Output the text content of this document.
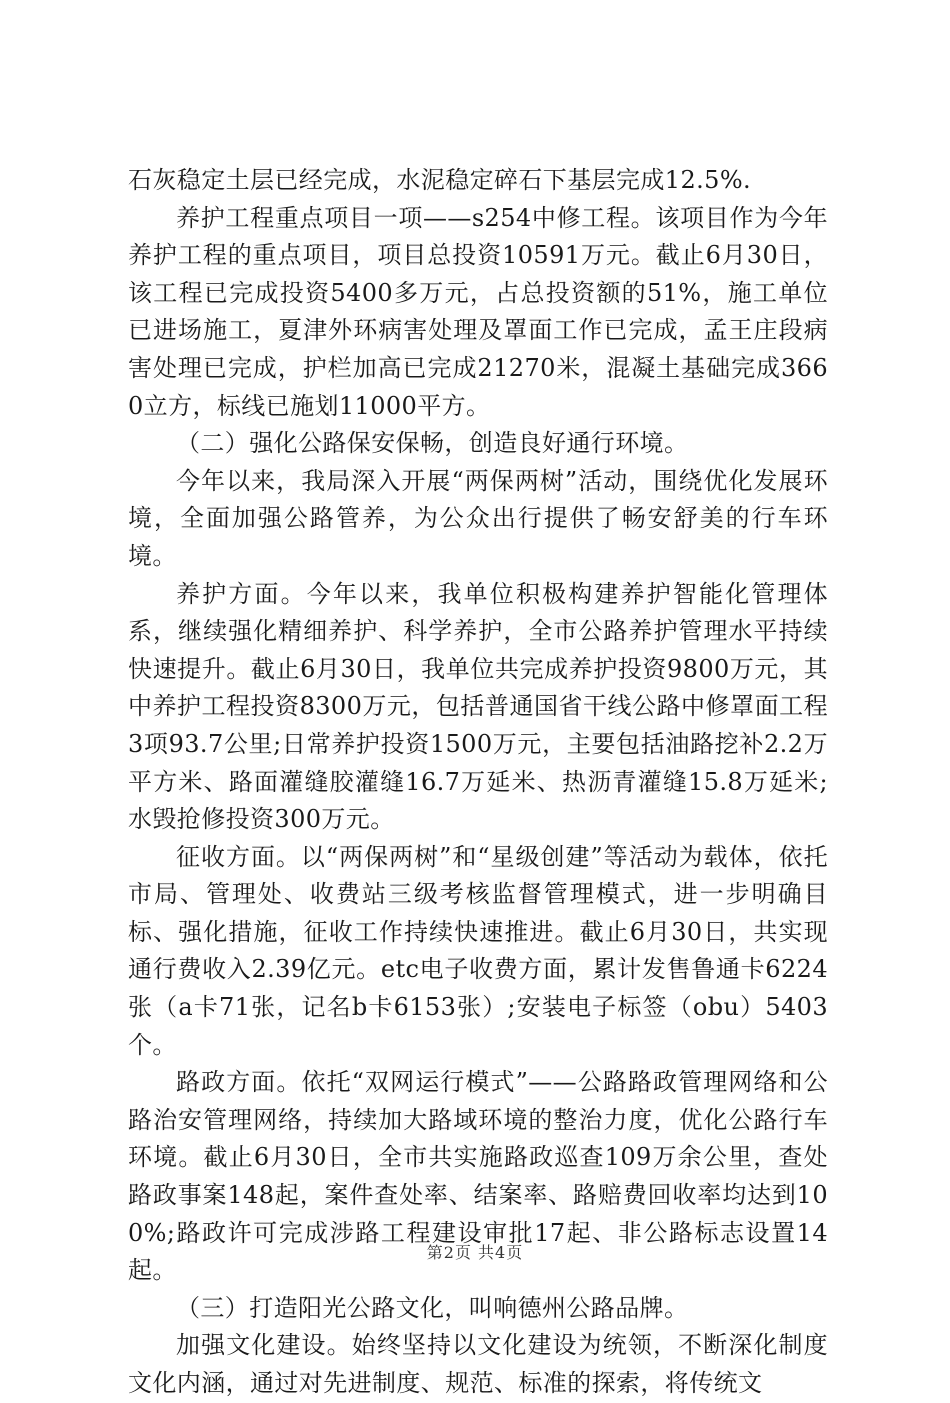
石灰稳定土层已经完成，水泥稳定碎石下基层完成12.5%.

养护工程重点项目一项——s254中修工程。该项目作为今年养护工程的重点项目，项目总投资10591万元。截止6月30日，该工程已完成投资5400多万元，占总投资额的51%，施工单位已进场施工，夏津外环病害处理及罩面工作已完成，孟王庄段病害处理已完成，护栏加高已完成21270米，混凝土基础完成3660立方，标线已施划11000平方。

（二）强化公路保安保畅，创造良好通行环境。

今年以来，我局深入开展“两保两树”活动，围绕优化发展环境，全面加强公路管养，为公众出行提供了畅安舒美的行车环境。

养护方面。今年以来，我单位积极构建养护智能化管理体系，继续强化精细养护、科学养护，全市公路养护管理水平持续快速提升。截止6月30日，我单位共完成养护投资9800万元，其中养护工程投资8300万元，包括普通国省干线公路中修罩面工程3项93.7公里;日常养护投资1500万元，主要包括油路挖补2.2万平方米、路面灌缝胶灌缝16.7万延米、热沥青灌缝15.8万延米;水毁抢修投资300万元。

征收方面。以“两保两树”和“星级创建”等活动为载体，依托市局、管理处、收费站三级考核监督管理模式，进一步明确目标、强化措施，征收工作持续快速推进。截止6月30日，共实现通行费收入2.39亿元。etc电子收费方面，累计发售鲁通卡6224张（a卡71张，记名b卡6153张）;安装电子标签（obu）5403个。

路政方面。依托“双网运行模式”——公路路政管理网络和公路治安管理网络，持续加大路域环境的整治力度，优化公路行车环境。截止6月30日，全市共实施路政巡查109万余公里，查处路政事案148起，案件查处率、结案率、路赔费回收率均达到100%;路政许可完成涉路工程建设审批17起、非公路标志设置14起。

（三）打造阳光公路文化，叫响德州公路品牌。

加强文化建设。始终坚持以文化建设为统领，不断深化制度文化内涵，通过对先进制度、规范、标准的探索，将传统文

第2页 共4页
